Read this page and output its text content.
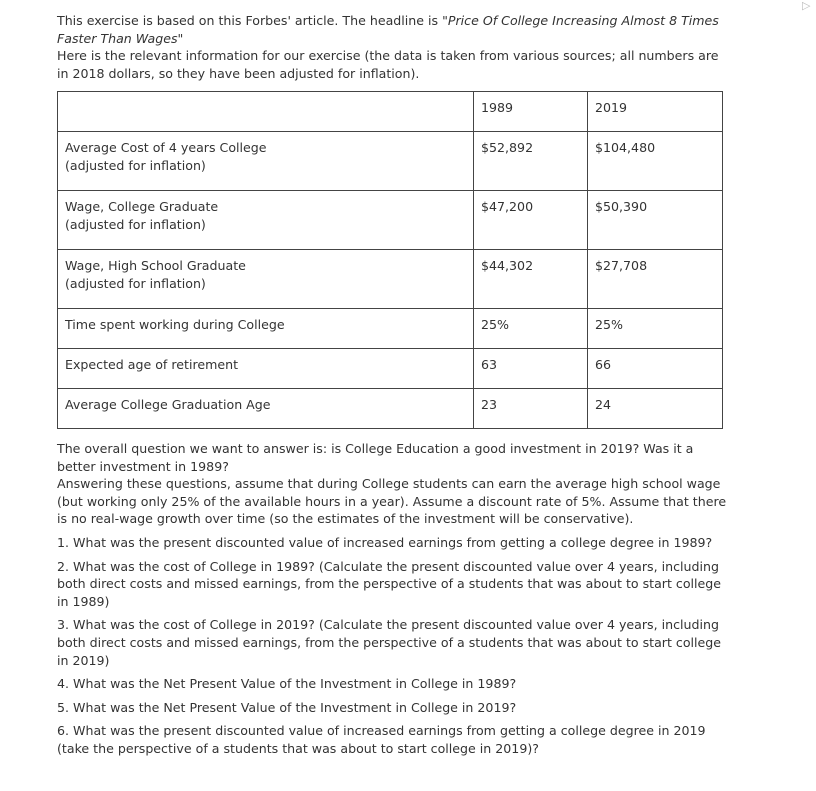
▷

This exercise is based on this Forbes' article. The headline is "Price Of College Increasing Almost 8 Times Faster Than Wages"

Here is the relevant information for our exercise (the data is taken from various sources; all numbers are in 2018 dollars, so they have been adjusted for inflation).

	1989	2019
Average Cost of 4 years College
(adjusted for inflation)	$52,892	$104,480
Wage, College Graduate
(adjusted for inflation)	$47,200	$50,390
Wage, High School Graduate
(adjusted for inflation)	$44,302	$27,708
Time spent working during College	25%	25%
Expected age of retirement	63	66
Average College Graduation Age	23	24

The overall question we want to answer is: is College Education a good investment in 2019? Was it a better investment in 1989?

Answering these questions, assume that during College students can earn the average high school wage (but working only 25% of the available hours in a year). Assume a discount rate of 5%. Assume that there is no real-wage growth over time (so the estimates of the investment will be conservative).

1. What was the present discounted value of increased earnings from getting a college degree in 1989?

2. What was the cost of College in 1989? (Calculate the present discounted value over 4 years, including both direct costs and missed earnings, from the perspective of a students that was about to start college in 1989)

3. What was the cost of College in 2019? (Calculate the present discounted value over 4 years, including both direct costs and missed earnings, from the perspective of a students that was about to start college in 2019)

4. What was the Net Present Value of the Investment in College in 1989?

5. What was the Net Present Value of the Investment in College in 2019?

6. What was the present discounted value of increased earnings from getting a college degree in 2019 (take the perspective of a students that was about to start college in 2019)?
